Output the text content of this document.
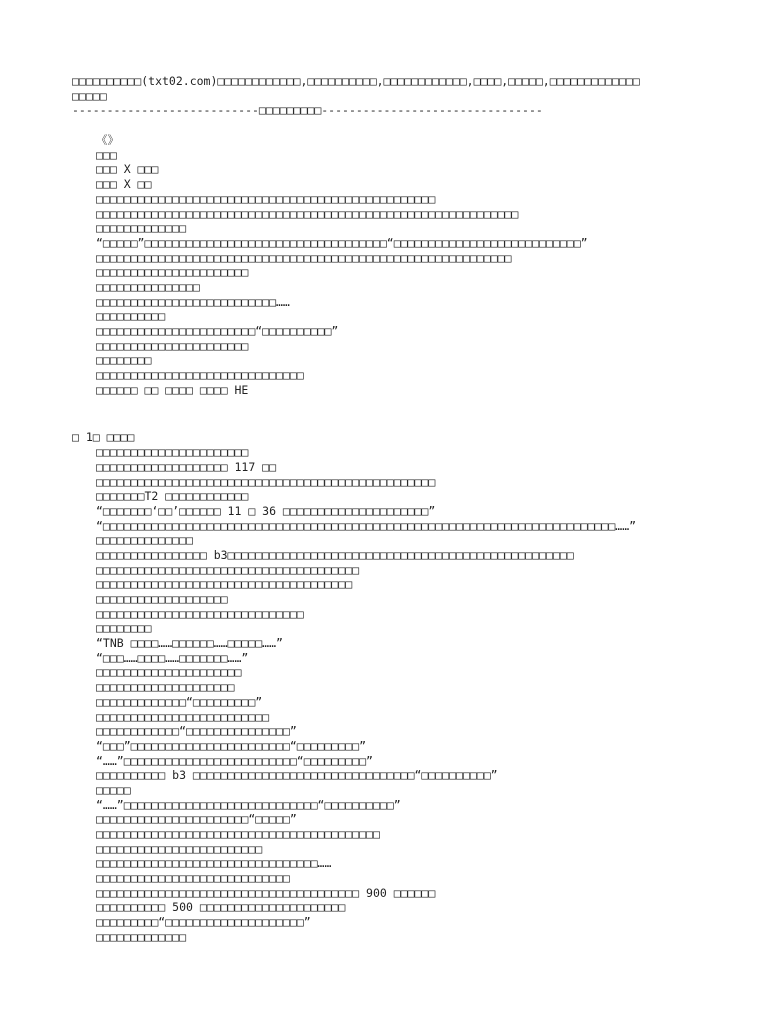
□□□□□□□□□□(txt02.com)□□□□□□□□□□□□,□□□□□□□□□□,□□□□□□□□□□□□,□□□□,□□□□□,□□□□□□□□□□□□□
□□□□□
---------------------------□□□□□□□□□--------------------------------
《》
□□□
□□□ X □□□
□□□ X □□
□□□□□□□□□□□□□□□□□□□□□□□□□□□□□□□□□□□□□□□□□□□□□□□□□
□□□□□□□□□□□□□□□□□□□□□□□□□□□□□□□□□□□□□□□□□□□□□□□□□□□□□□□□□□□□□
□□□□□□□□□□□□□
“□□□□□”□□□□□□□□□□□□□□□□□□□□□□□□□□□□□□□□□□□“□□□□□□□□□□□□□□□□□□□□□□□□□□□”
□□□□□□□□□□□□□□□□□□□□□□□□□□□□□□□□□□□□□□□□□□□□□□□□□□□□□□□□□□□□
□□□□□□□□□□□□□□□□□□□□□□
□□□□□□□□□□□□□□□
□□□□□□□□□□□□□□□□□□□□□□□□□□……
□□□□□□□□□□
□□□□□□□□□□□□□□□□□□□□□□□“□□□□□□□□□□”
□□□□□□□□□□□□□□□□□□□□□□
□□□□□□□□
□□□□□□□□□□□□□□□□□□□□□□□□□□□□□□
□□□□□□ □□ □□□□ □□□□ HE
□ 1□ □□□□
□□□□□□□□□□□□□□□□□□□□□□
□□□□□□□□□□□□□□□□□□□ 117 □□
□□□□□□□□□□□□□□□□□□□□□□□□□□□□□□□□□□□□□□□□□□□□□□□□□
□□□□□□□T2 □□□□□□□□□□□□
“□□□□□□□‘□□’□□□□□□ 11 □ 36 □□□□□□□□□□□□□□□□□□□□□”
“□□□□□□□□□□□□□□□□□□□□□□□□□□□□□□□□□□□□□□□□□□□□□□□□□□□□□□□□□□□□□□□□□□□□□□□□□□……”
□□□□□□□□□□□□□□
□□□□□□□□□□□□□□□□ b3□□□□□□□□□□□□□□□□□□□□□□□□□□□□□□□□□□□□□□□□□□□□□□□□□□
□□□□□□□□□□□□□□□□□□□□□□□□□□□□□□□□□□□□□□
□□□□□□□□□□□□□□□□□□□□□□□□□□□□□□□□□□□□□
□□□□□□□□□□□□□□□□□□□
□□□□□□□□□□□□□□□□□□□□□□□□□□□□□□
□□□□□□□□
“TNB □□□□……□□□□□□……□□□□□……”
“□□□……□□□□……□□□□□□□……”
□□□□□□□□□□□□□□□□□□□□□
□□□□□□□□□□□□□□□□□□□□
□□□□□□□□□□□□□“□□□□□□□□□”
□□□□□□□□□□□□□□□□□□□□□□□□□
□□□□□□□□□□□□“□□□□□□□□□□□□□□□”
“□□□”□□□□□□□□□□□□□□□□□□□□□□□“□□□□□□□□□”
“……”□□□□□□□□□□□□□□□□□□□□□□□□□“□□□□□□□□□”
□□□□□□□□□□ b3 □□□□□□□□□□□□□□□□□□□□□□□□□□□□□□□□“□□□□□□□□□□”
□□□□□
“……”□□□□□□□□□□□□□□□□□□□□□□□□□□□□“□□□□□□□□□□”
□□□□□□□□□□□□□□□□□□□□□□“□□□□□”
□□□□□□□□□□□□□□□□□□□□□□□□□□□□□□□□□□□□□□□□□
□□□□□□□□□□□□□□□□□□□□□□□□
□□□□□□□□□□□□□□□□□□□□□□□□□□□□□□□□……
□□□□□□□□□□□□□□□□□□□□□□□□□□□□
□□□□□□□□□□□□□□□□□□□□□□□□□□□□□□□□□□□□□□ 900 □□□□□□
□□□□□□□□□□ 500 □□□□□□□□□□□□□□□□□□□□□
□□□□□□□□□“□□□□□□□□□□□□□□□□□□□□”
□□□□□□□□□□□□□
